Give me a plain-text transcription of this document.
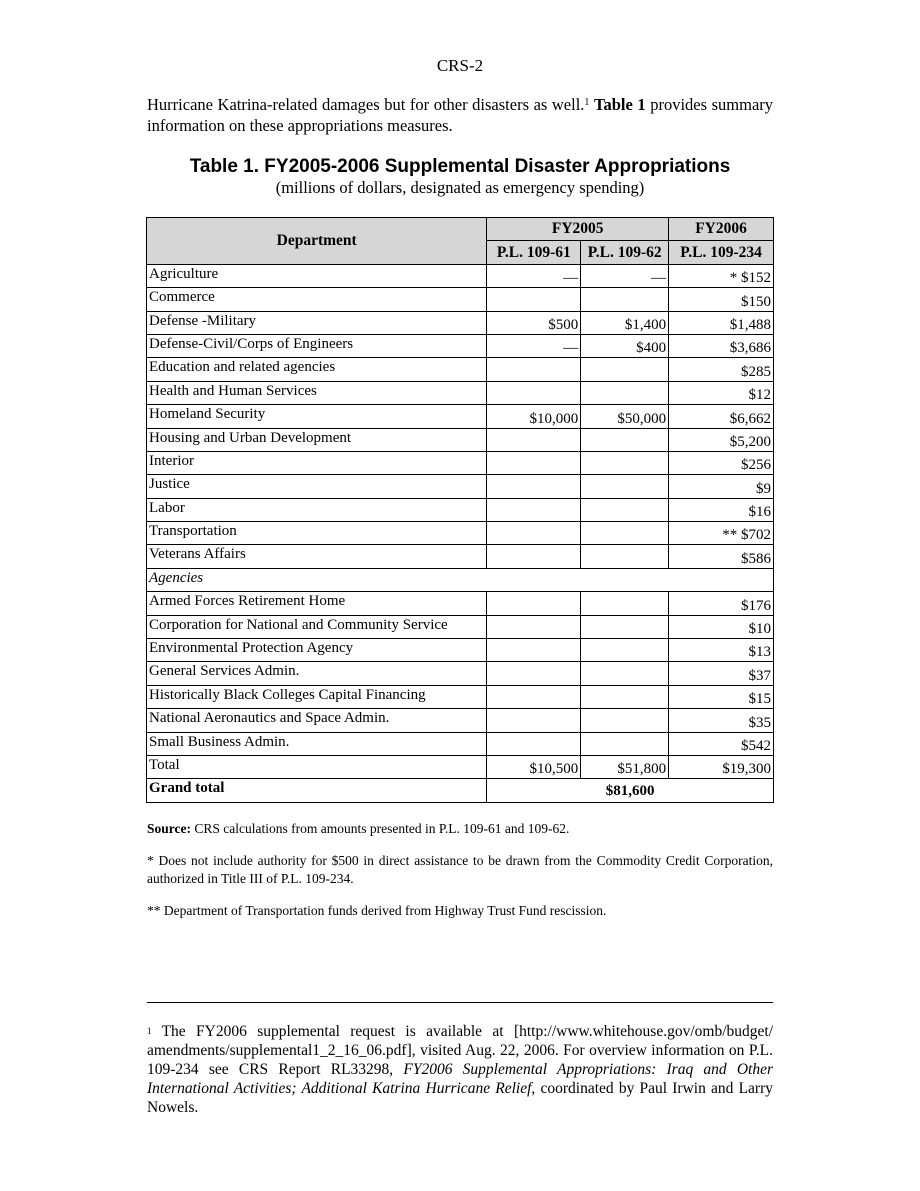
CRS-2
Hurricane Katrina-related damages but for other disasters as well.$^1$ Table 1 provides summary information on these appropriations measures.
Table 1. FY2005-2006 Supplemental Disaster Appropriations
(millions of dollars, designated as emergency spending)
Department	FY2005		FY2006
	P.L. 109-61	P.L. 109-62	P.L. 109-234
Agriculture	—	—	* $152
Commerce			$150
Defense -Military	$500	$1,400	$1,488
Defense-Civil/Corps of Engineers	—	$400	$3,686
Education and related agencies			$285
Health and Human Services			$12
Homeland Security	$10,000	$50,000	$6,662
Housing and Urban Development			$5,200
Interior			$256
Justice			$9
Labor			$16
Transportation			** $702
Veterans Affairs			$586
Agencies			
Armed Forces Retirement Home			$176
Corporation for National and Community Service			$10
Environmental Protection Agency			$13
General Services Admin.			$37
Historically Black Colleges Capital Financing			$15
National Aeronautics and Space Admin.			$35
Small Business Admin.			$542
Total	$10,500	$51,800	$19,300
Grand total	$81,600		

Source: CRS calculations from amounts presented in P.L. 109-61 and 109-62.

* Does not include authority for $500 in direct assistance to be drawn from the Commodity Credit Corporation, authorized in Title III of P.L. 109-234.

** Department of Transportation funds derived from Highway Trust Fund rescission.

$^1$ The FY2006 supplemental request is available at [http://www.whitehouse.gov/omb/budget/ amendments/supplemental1_2_16_06.pdf], visited Aug. 22, 2006. For overview information on P.L. 109-234 see CRS Report RL33298, FY2006 Supplemental Appropriations: Iraq and Other International Activities; Additional Katrina Hurricane Relief, coordinated by Paul Irwin and Larry Nowels.
